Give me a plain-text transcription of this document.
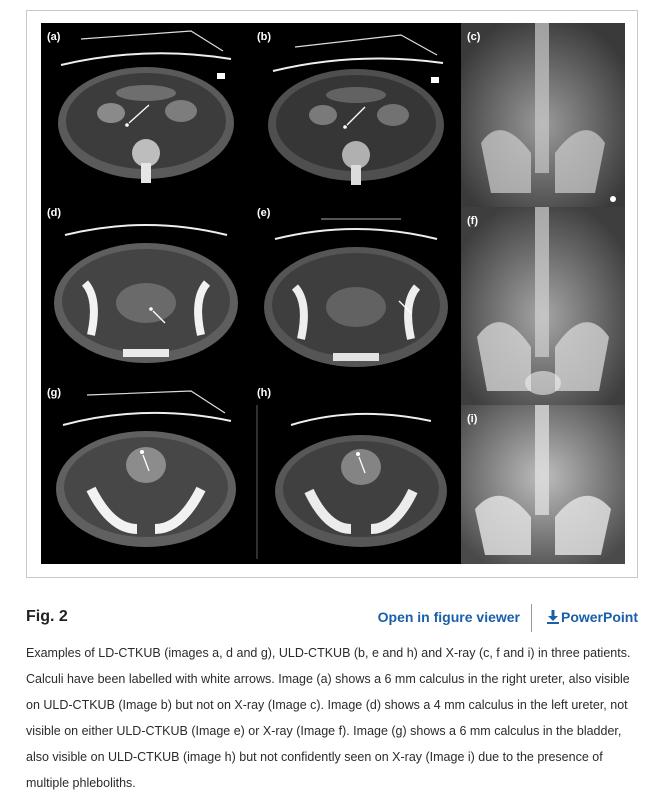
(a)	(b)	(c)
(d)	(e)
(f)
(g)	(h)
(i)
Fig. 2	Open in figure viewer	PowerPoint

Examples of LD-CTKUB (images a, d and g), ULD-CTKUB (b, e and h) and X-ray (c, f and i) in three patients. Calculi have been labelled with white arrows. Image (a) shows a 6 mm calculus in the right ureter, also visible on ULD-CTKUB (Image b) but not on X-ray (Image c). Image (d) shows a 4 mm calculus in the left ureter, not visible on either ULD-CTKUB (Image e) or X-ray (Image f). Image (g) shows a 6 mm calculus in the bladder, also visible on ULD-CTKUB (image h) but not confidently seen on X-ray (Image i) due to the presence of multiple phleboliths.
